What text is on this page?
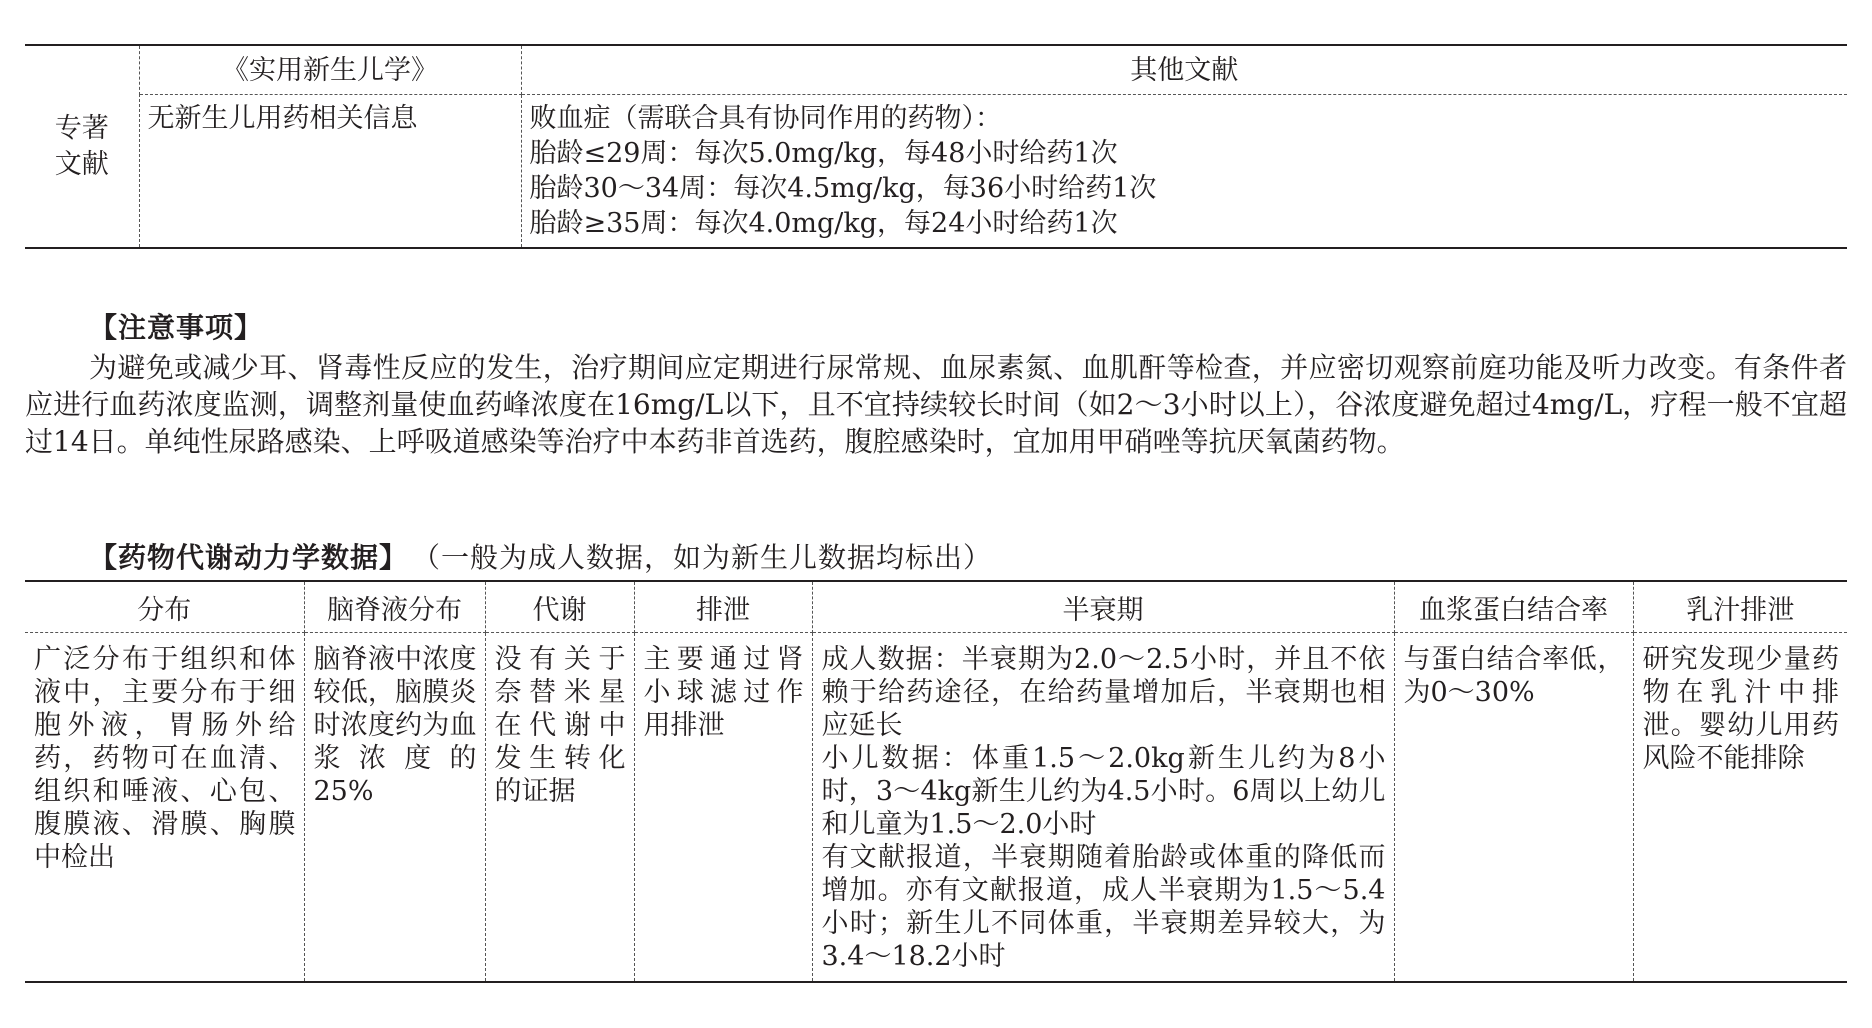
专著
文献	《实用新生儿学》	其他文献
	无新生儿用药相关信息	败血症（需联合具有协同作用的药物）：
胎龄≤29周：每次5.0mg/kg，每48小时给药1次
胎龄30～34周：每次4.5mg/kg，每36小时给药1次
胎龄≥35周：每次4.0mg/kg，每24小时给药1次
【注意事项】
为避免或减少耳、肾毒性反应的发生，治疗期间应定期进行尿常规、血尿素氮、血肌酐等检查，并应密切观察前庭功能及听力改变。有条件者应进行血药浓度监测，调整剂量使血药峰浓度在16mg/L以下，且不宜持续较长时间（如2～3小时以上），谷浓度避免超过4mg/L，疗程一般不宜超过14日。单纯性尿路感染、上呼吸道感染等治疗中本药非首选药，腹腔感染时，宜加用甲硝唑等抗厌氧菌药物。
【药物代谢动力学数据】 （一般为成人数据，如为新生儿数据均标出）
分布	脑脊液分布	代谢	排泄	半衰期	血浆蛋白结合率	乳汁排泄
广泛分布于组织和体液中，主要分布于细胞外液，胃肠外给药，药物可在血清、组织和唾液、心包、腹膜液、滑膜、胸膜中检出	脑脊液中浓度较低，脑膜炎时浓度约为血浆浓度的25%	没有关于奈替米星在代谢中发生转化的证据	主要通过肾小球滤过作用排泄	成人数据：半衰期为2.0～2.5小时，并且不依赖于给药途径，在给药量增加后，半衰期也相应延长
小儿数据：体重1.5～2.0kg新生儿约为8小时，3～4kg新生儿约为4.5小时。6周以上幼儿和儿童为1.5～2.0小时
有文献报道，半衰期随着胎龄或体重的降低而增加。亦有文献报道，成人半衰期为1.5～5.4小时；新生儿不同体重，半衰期差异较大，为3.4～18.2小时	与蛋白结合率低，为0～30%	研究发现少量药物在乳汁中排泄。婴幼儿用药风险不能排除
